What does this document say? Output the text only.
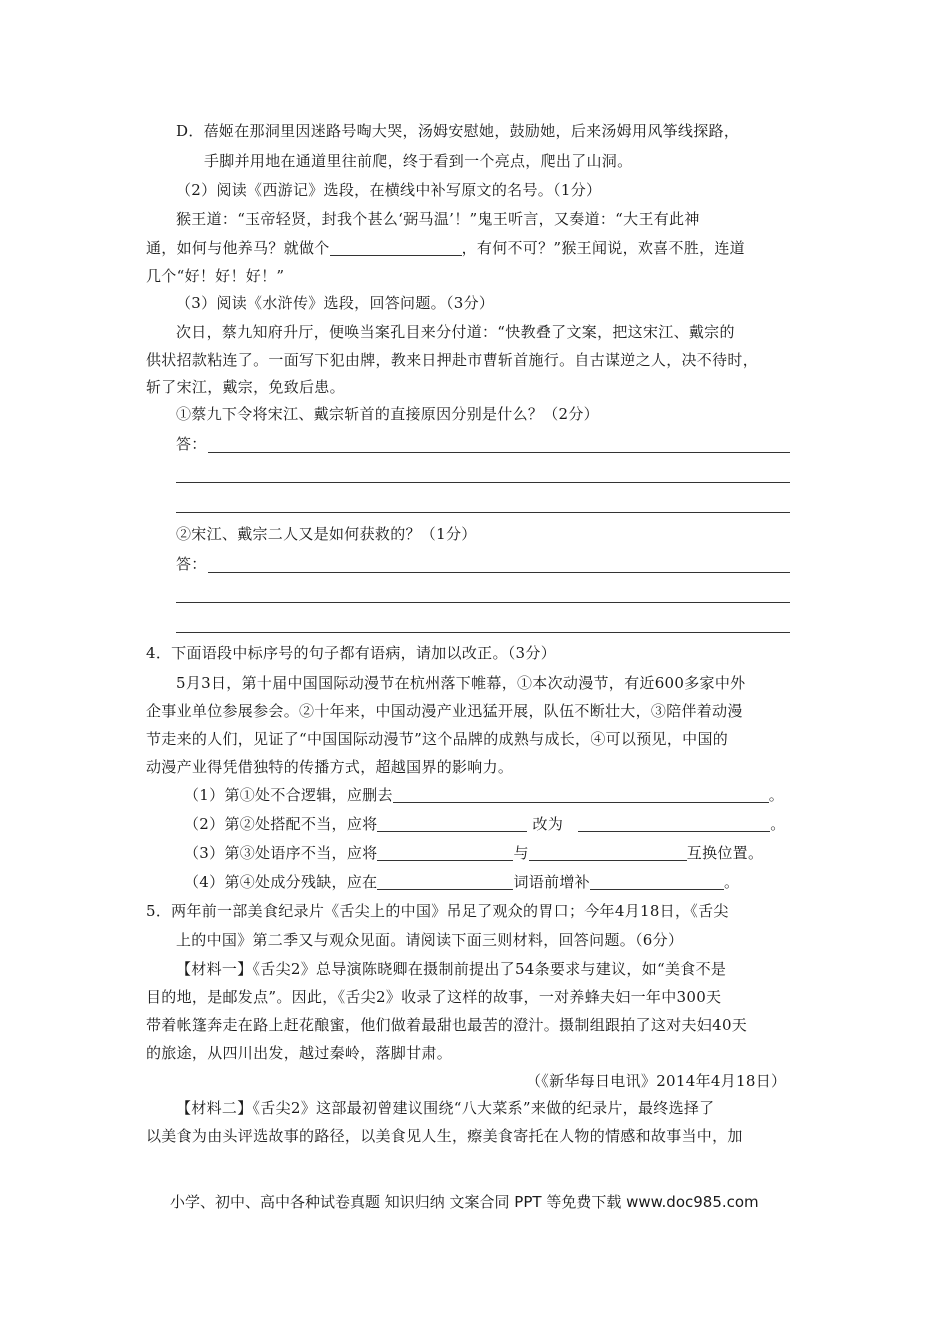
D．蓓姬在那洞里因迷路号啕大哭，汤姆安慰她，鼓励她，后来汤姆用风筝线探路，
手脚并用地在通道里往前爬，终于看到一个亮点，爬出了山洞。
（2）阅读《西游记》选段，在横线中补写原文的名号。（1分）
猴王道：“玉帝轻贤，封我个甚么‘弼马温’！”鬼王听言，又奏道：“大王有此神
通，如何与他养马？就做个	，有何不可？”猴王闻说，欢喜不胜，连道
几个“好！好！好！”
（3）阅读《水浒传》选段，回答问题。（3分）
次日，蔡九知府升厅，便唤当案孔目来分付道：“快教叠了文案，把这宋江、戴宗的
供状招款粘连了。一面写下犯由牌，教来日押赴市曹斩首施行。自古谋逆之人，决不待时，
斩了宋江，戴宗，免致后患。
①蔡九下令将宋江、戴宗斩首的直接原因分别是什么？（2分）
答：
②宋江、戴宗二人又是如何获救的？（1分）
答：
4．下面语段中标序号的句子都有语病，请加以改正。（3分）
5月3日，第十届中国国际动漫节在杭州落下帷幕，①本次动漫节，有近600多家中外
企事业单位参展参会。②十年来，中国动漫产业迅猛开展，队伍不断壮大，③陪伴着动漫
节走来的人们，见证了“中国国际动漫节”这个品牌的成熟与成长，④可以预见，中国的
动漫产业得凭借独特的传播方式，超越国界的影响力。
（1）第①处不合逻辑，应删去	。
（2）第②处搭配不当，应将	改为	。
（3）第③处语序不当，应将	与	互换位置。
（4）第④处成分残缺，应在	词语前增补	。
5．两年前一部美食纪录片《舌尖上的中国》吊足了观众的胃口；今年4月18日，《舌尖
上的中国》第二季又与观众见面。请阅读下面三则材料，回答问题。（6分）
【材料一】《舌尖2》总导演陈晓卿在摄制前提出了54条要求与建议，如“美食不是
目的地，是邮发点”。因此，《舌尖2》收录了这样的故事，一对养蜂夫妇一年中300天
带着帐篷奔走在路上赶花酿蜜，他们做着最甜也最苦的澄汁。摄制组跟拍了这对夫妇40天
的旅途，从四川出发，越过秦岭，落脚甘肃。
（《新华每日电讯》2014年4月18日）
【材料二】《舌尖2》这部最初曾建议围绕“八大菜系”来做的纪录片，最终选择了
以美食为由头评选故事的路径，以美食见人生，瘵美食寄托在人物的情感和故事当中，加
小学、初中、高中各种试卷真题 知识归纳 文案合同 PPT 等免费下载 www.doc985.com
